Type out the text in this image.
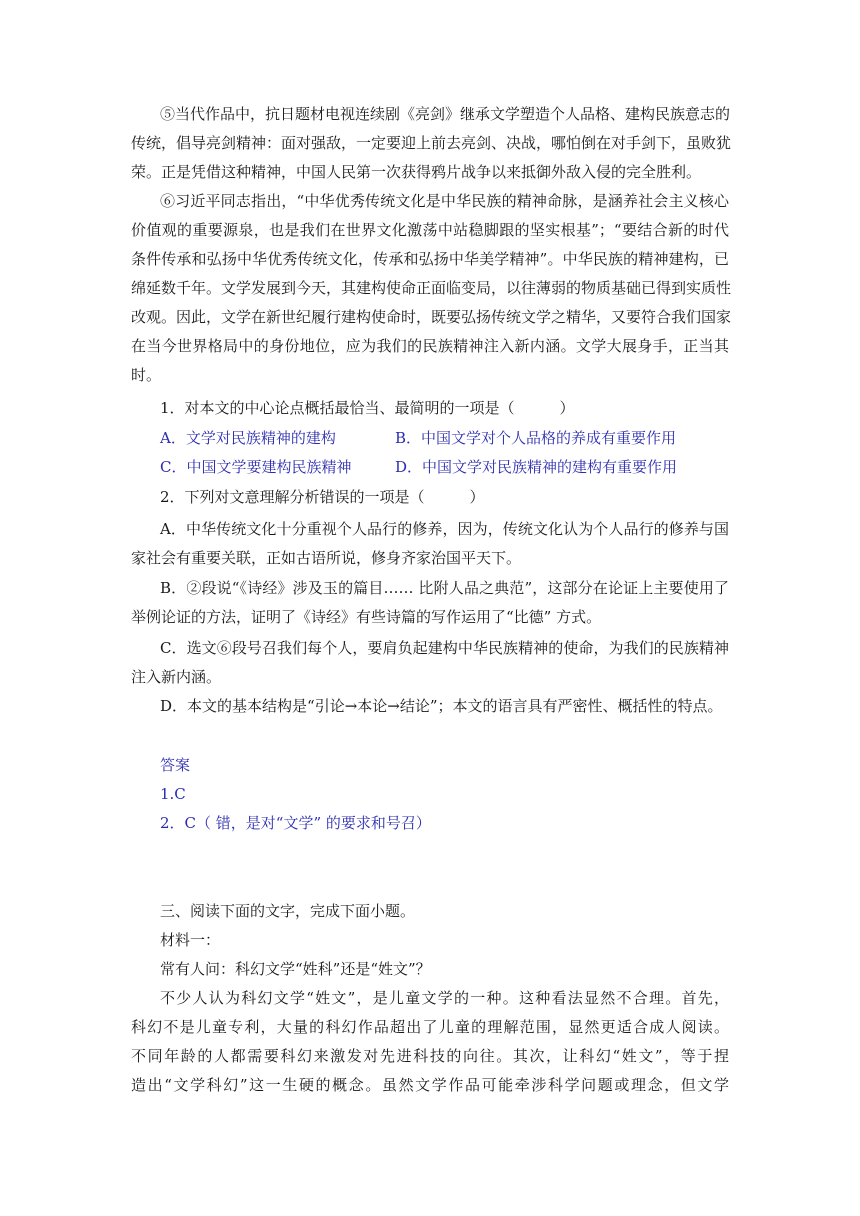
⑤当代作品中，抗日题材电视连续剧《亮剑》继承文学塑造个人品格、建构民族意志的
传统，倡导亮剑精神：面对强敌，一定要迎上前去亮剑、决战，哪怕倒在对手剑下，虽败犹
荣。正是凭借这种精神，中国人民第一次获得鸦片战争以来抵御外敌入侵的完全胜利。
⑥习近平同志指出，“中华优秀传统文化是中华民族的精神命脉，是涵养社会主义核心
价值观的重要源泉，也是我们在世界文化激荡中站稳脚跟的坚实根基”；“要结合新的时代
条件传承和弘扬中华优秀传统文化，传承和弘扬中华美学精神”。中华民族的精神建构，已
绵延数千年。文学发展到今天，其建构使命正面临变局，以往薄弱的物质基础已得到实质性
改观。因此，文学在新世纪履行建构使命时，既要弘扬传统文学之精华，又要符合我们国家
在当今世界格局中的身份地位，应为我们的民族精神注入新内涵。文学大展身手，正当其
时。
1．对本文的中心论点概括最恰当、最简明的一项是（　　　）
A．文学对民族精神的建构	B．中国文学对个人品格的养成有重要作用
C．中国文学要建构民族精神	D．中国文学对民族精神的建构有重要作用
2．下列对文意理解分析错误的一项是（　　　）
A．中华传统文化十分重视个人品行的修养，因为，传统文化认为个人品行的修养与国
家社会有重要关联，正如古语所说，修身齐家治国平天下。
B．②段说“《诗经》涉及玉的篇目…… 比附人品之典范”，这部分在论证上主要使用了
举例论证的方法，证明了《诗经》有些诗篇的写作运用了“比德” 方式。
C．选文⑥段号召我们每个人，要肩负起建构中华民族精神的使命，为我们的民族精神
注入新内涵。
D．本文的基本结构是“引论→本论→结论”；本文的语言具有严密性、概括性的特点。
答案
1.C
2．C（ 错，是对“文学” 的要求和号召）
三、阅读下面的文字，完成下面小题。
材料一：
常有人问：科幻文学“姓科”还是“姓文”？
不少人认为科幻文学“姓文”，是儿童文学的一种。这种看法显然不合理。首先，
科幻不是儿童专利，大量的科幻作品超出了儿童的理解范围，显然更适合成人阅读。
不同年龄的人都需要科幻来激发对先进科技的向往。其次，让科幻“姓文”，等于捏
造出“文学科幻”这一生硬的概念。虽然文学作品可能牵涉科学问题或理念，但文学
